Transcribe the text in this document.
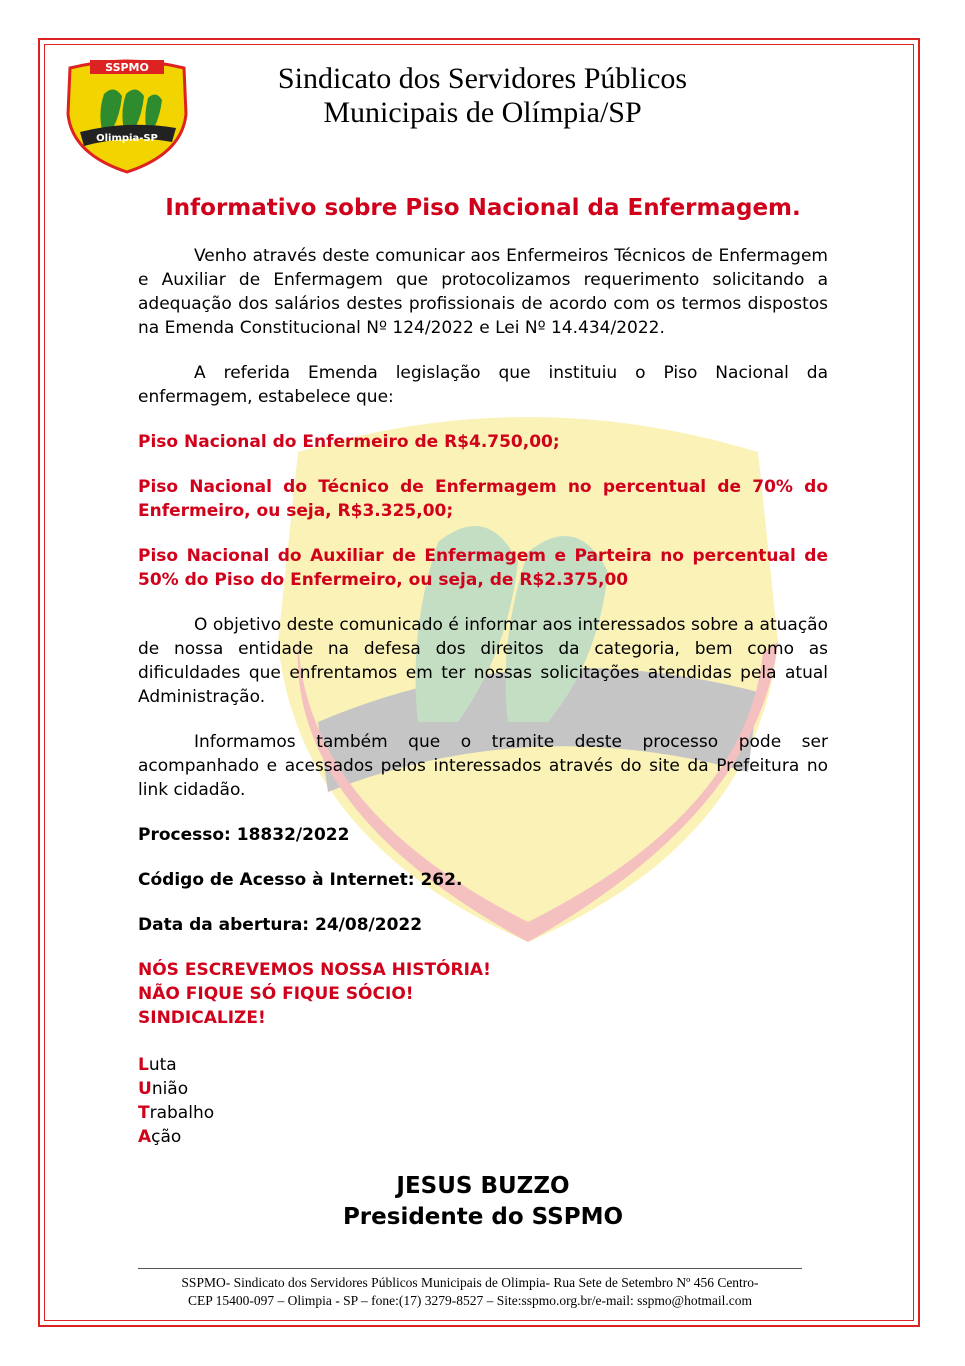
SSPMO
Olimpia-SP
Sindicato dos Servidores Públicos
Municipais de Olímpia/SP
Informativo sobre Piso Nacional da Enfermagem.

Venho através deste comunicar aos Enfermeiros Técnicos de Enfermagem e Auxiliar de Enfermagem que protocolizamos requerimento solicitando a adequação dos salários destes profissionais de acordo com os termos dispostos na Emenda Constitucional Nº 124/2022 e Lei Nº 14.434/2022.

A referida Emenda legislação que instituiu o Piso Nacional da enfermagem, estabelece que:

Piso Nacional do Enfermeiro de R$4.750,00;

Piso Nacional do Técnico de Enfermagem no percentual de 70% do Enfermeiro, ou seja, R$3.325,00;

Piso Nacional do Auxiliar de Enfermagem e Parteira no percentual de 50% do Piso do Enfermeiro, ou seja, de R$2.375,00

O objetivo deste comunicado é informar aos interessados sobre a atuação de nossa entidade na defesa dos direitos da categoria, bem como as dificuldades que enfrentamos em ter nossas solicitações atendidas pela atual Administração.

Informamos também que o tramite deste processo pode ser acompanhado e acessados pelos interessados através do site da Prefeitura no link cidadão.

Processo: 18832/2022

Código de Acesso à Internet: 262.

Data da abertura: 24/08/2022

NÓS ESCREVEMOS NOSSA HISTÓRIA!

NÃO FIQUE SÓ FIQUE SÓCIO!

SINDICALIZE!

Luta

União

Trabalho

Ação

JESUS BUZZO
Presidente do SSPMO
SSPMO- Sindicato dos Servidores Públicos Municipais de Olimpia- Rua Sete de Setembro Nº 456 Centro-
CEP 15400-097 – Olimpia - SP – fone:(17) 3279-8527 – Site:sspmo.org.br/e-mail: sspmo@hotmail.com
